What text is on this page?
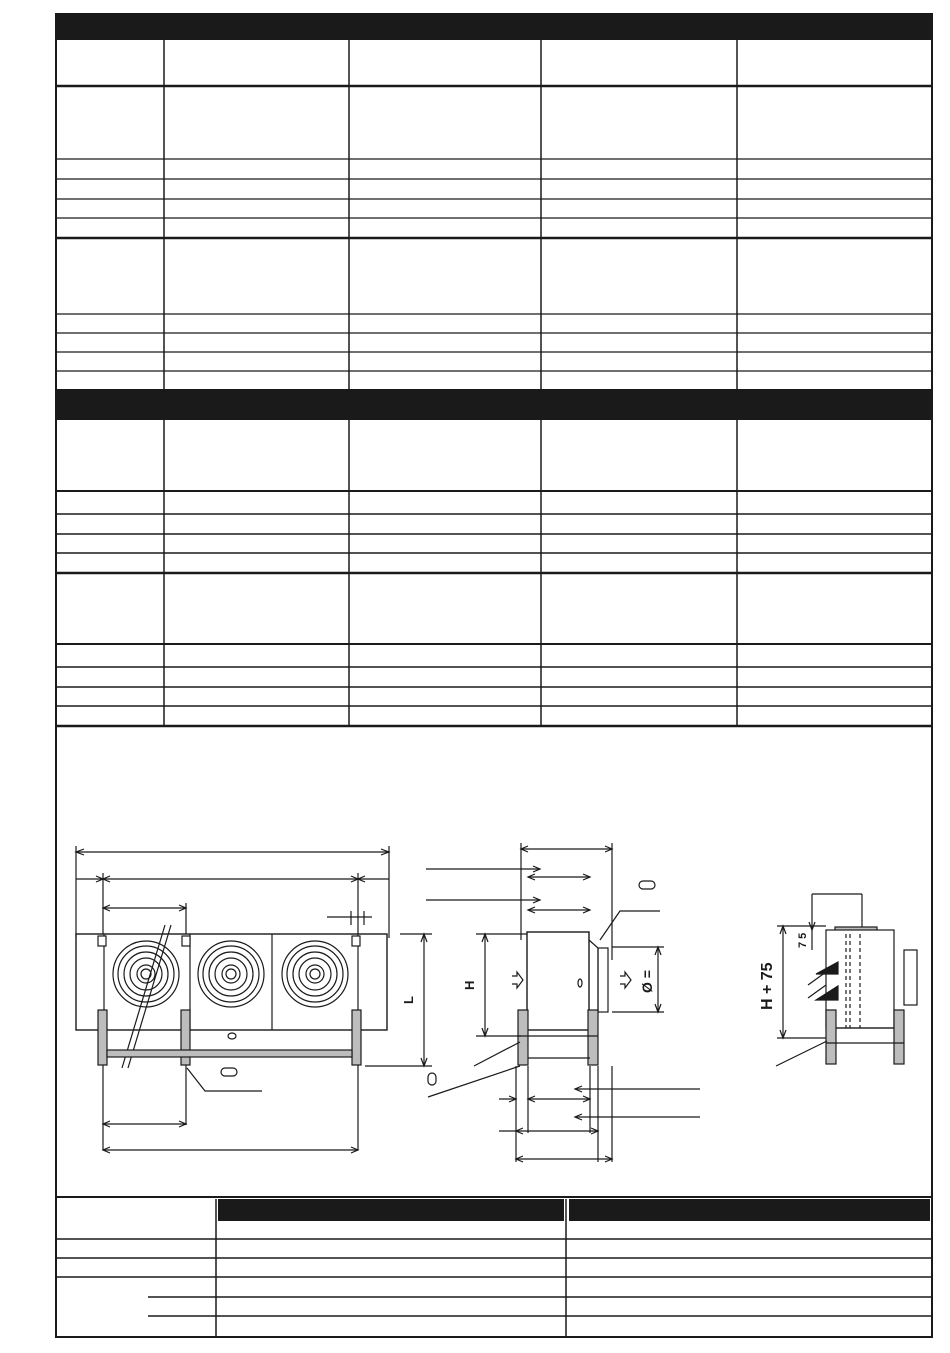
L
H	Ø =	H + 75
7 5
